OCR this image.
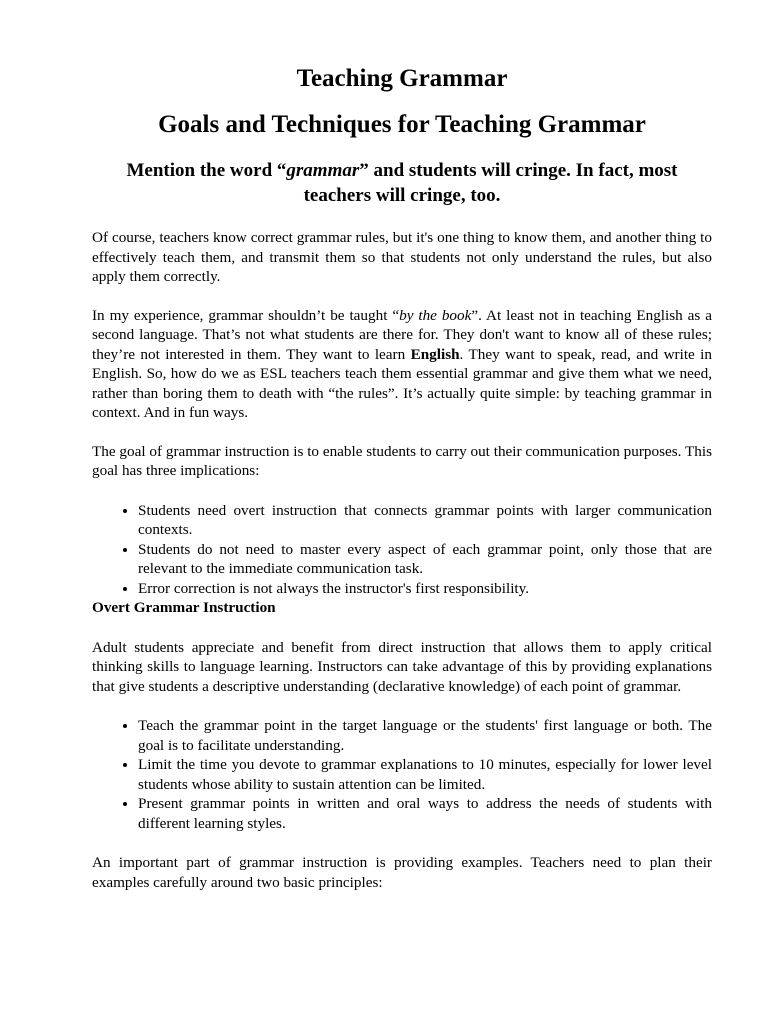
Teaching Grammar
Goals and Techniques for Teaching Grammar

Mention the word “grammar” and students will cringe. In fact, most teachers will cringe, too.

Of course, teachers know correct grammar rules, but it's one thing to know them, and another thing to effectively teach them, and transmit them so that students not only understand the rules, but also apply them correctly.

In my experience, grammar shouldn’t be taught “by the book”. At least not in teaching English as a second language. That’s not what students are there for. They don't want to know all of these rules; they’re not interested in them. They want to learn English. They want to speak, read, and write in English. So, how do we as ESL teachers teach them essential grammar and give them what we need, rather than boring them to death with “the rules”. It’s actually quite simple: by teaching grammar in context. And in fun ways.

The goal of grammar instruction is to enable students to carry out their communication purposes. This goal has three implications:

• Students need overt instruction that connects grammar points with larger communication contexts.
• Students do not need to master every aspect of each grammar point, only those that are relevant to the immediate communication task.
• Error correction is not always the instructor's first responsibility.

Overt Grammar Instruction

Adult students appreciate and benefit from direct instruction that allows them to apply critical thinking skills to language learning. Instructors can take advantage of this by providing explanations that give students a descriptive understanding (declarative knowledge) of each point of grammar.

• Teach the grammar point in the target language or the students' first language or both. The goal is to facilitate understanding.
• Limit the time you devote to grammar explanations to 10 minutes, especially for lower level students whose ability to sustain attention can be limited.
• Present grammar points in written and oral ways to address the needs of students with different learning styles.

An important part of grammar instruction is providing examples. Teachers need to plan their examples carefully around two basic principles:
